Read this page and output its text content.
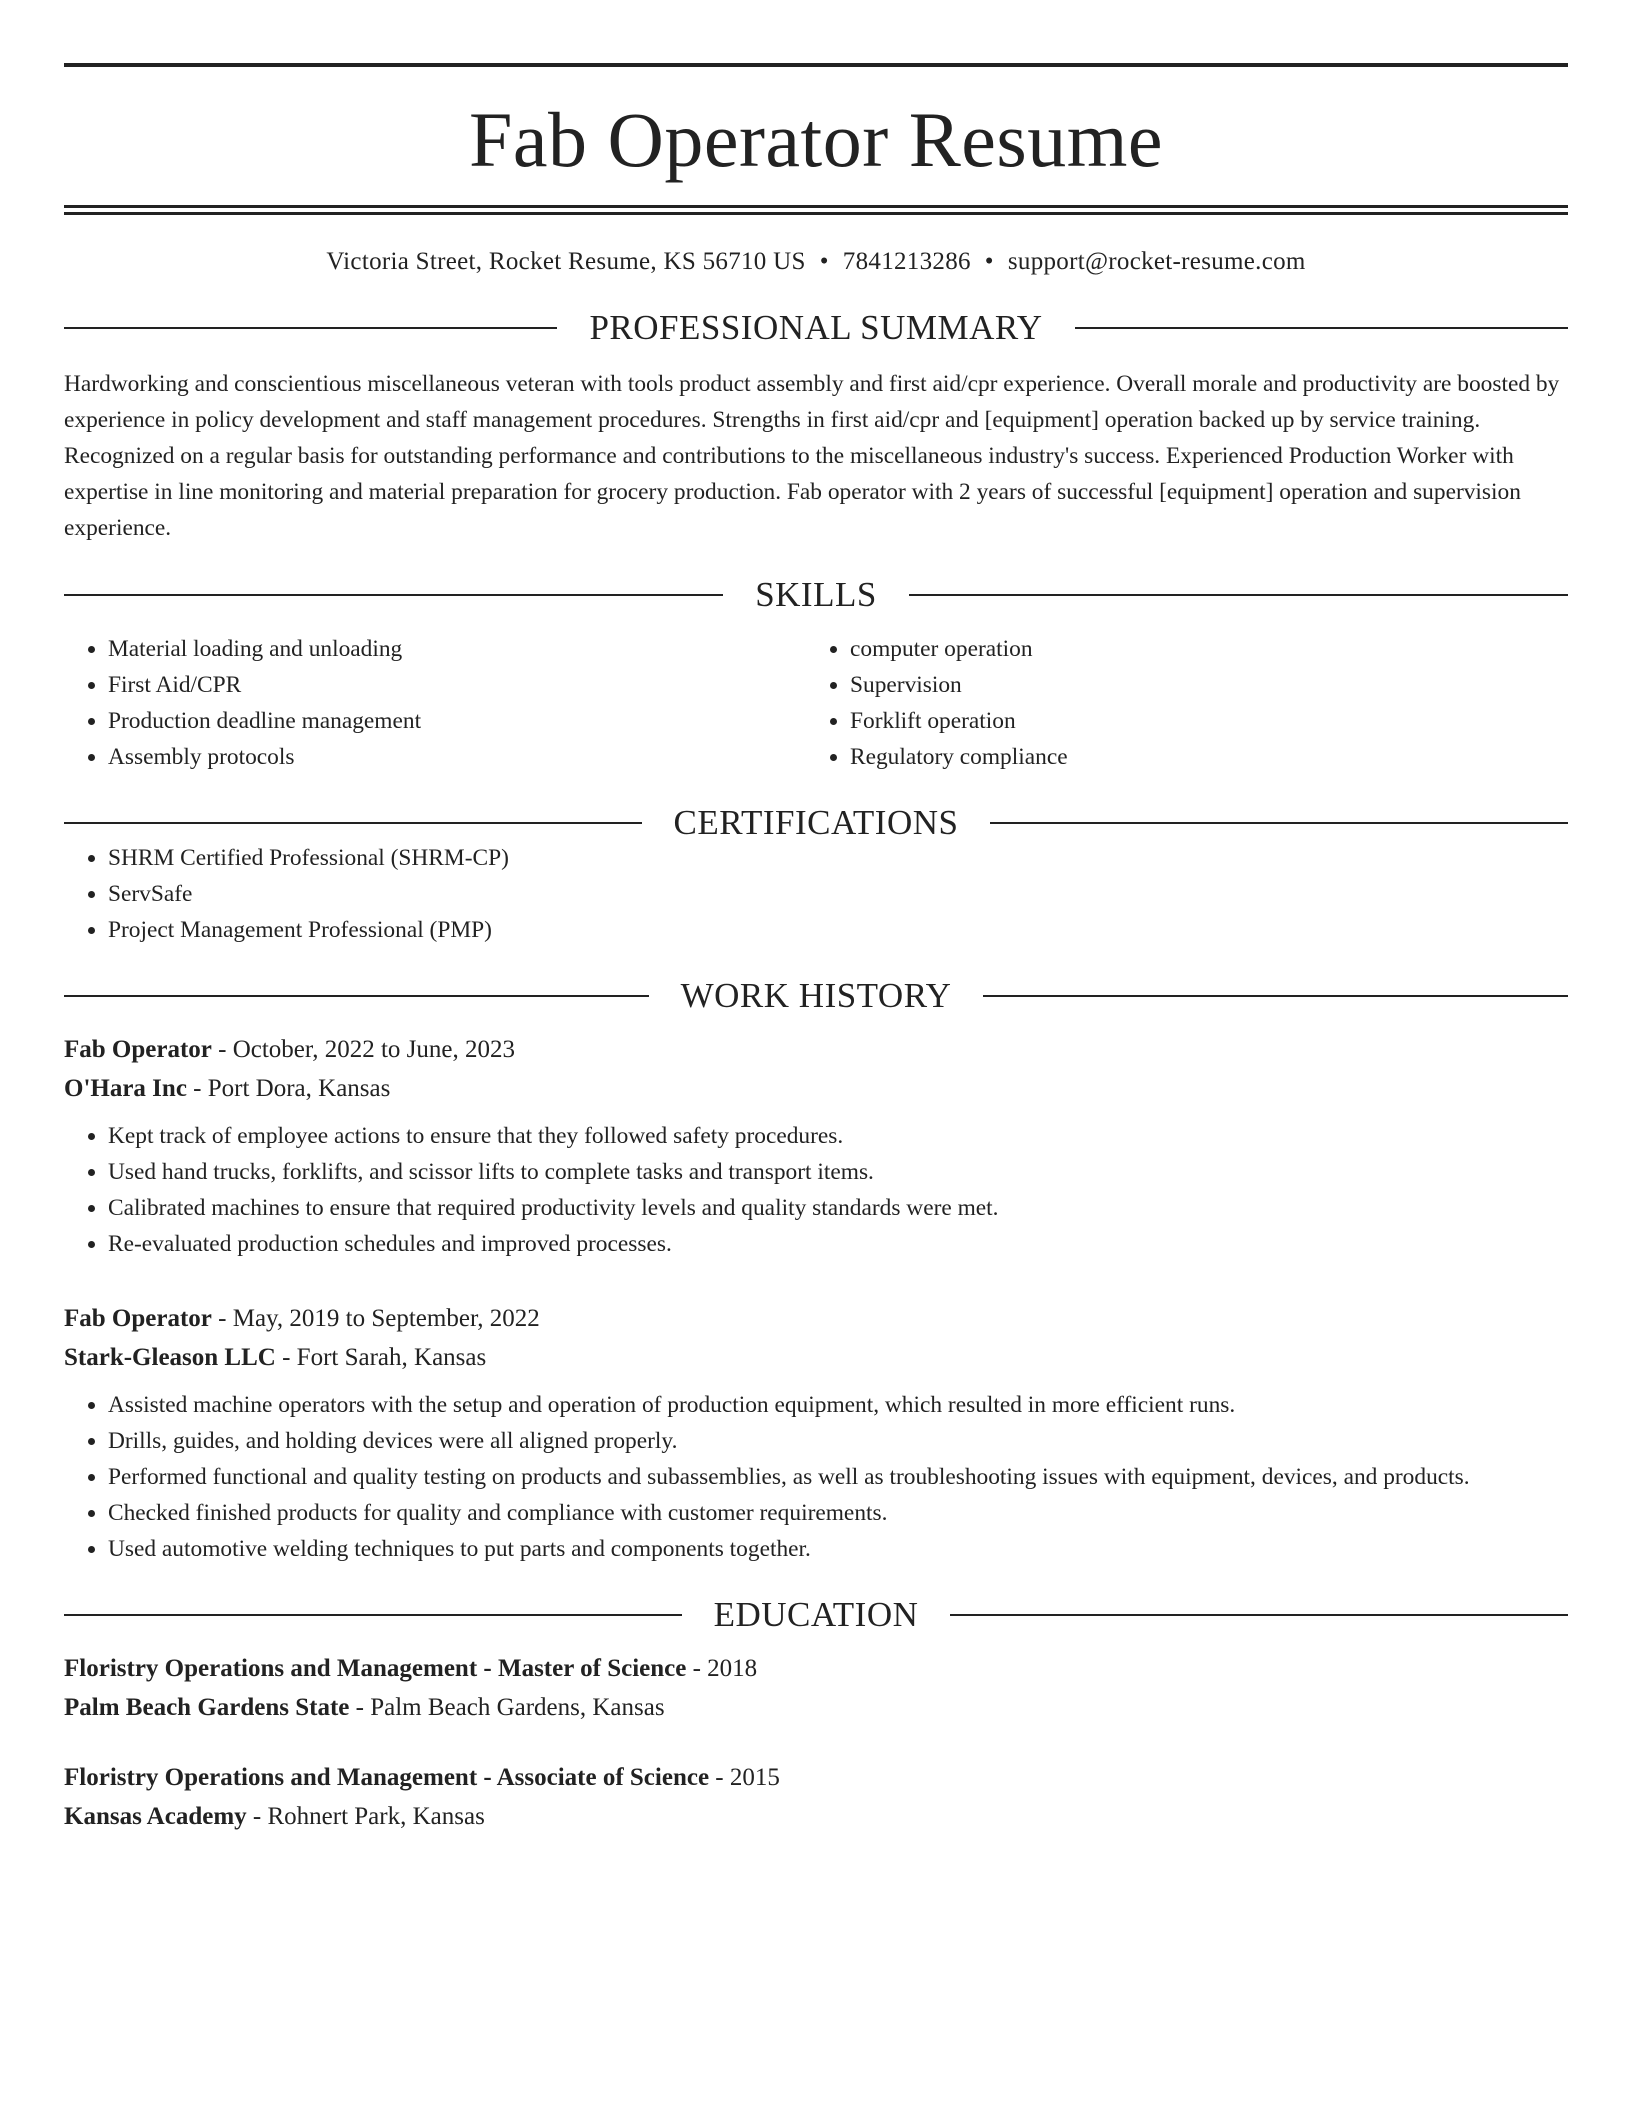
Fab Operator Resume
Victoria Street, Rocket Resume, KS 56710 US • 7841213286 • support@rocket-resume.com
PROFESSIONAL SUMMARY

Hardworking and conscientious miscellaneous veteran with tools product assembly and first aid/cpr experience. Overall morale and productivity are boosted by experience in policy development and staff management procedures. Strengths in first aid/cpr and [equipment] operation backed up by service training. Recognized on a regular basis for outstanding performance and contributions to the miscellaneous industry's success. Experienced Production Worker with expertise in line monitoring and material preparation for grocery production. Fab operator with 2 years of successful [equipment] operation and supervision experience.

SKILLS
• Material loading and unloading
• First Aid/CPR
• Production deadline management
• Assembly protocols
• computer operation
• Supervision
• Forklift operation
• Regulatory compliance
CERTIFICATIONS
• SHRM Certified Professional (SHRM-CP)
• ServSafe
• Project Management Professional (PMP)
WORK HISTORY
Fab Operator - October, 2022 to June, 2023
O'Hara Inc - Port Dora, Kansas
• Kept track of employee actions to ensure that they followed safety procedures.
• Used hand trucks, forklifts, and scissor lifts to complete tasks and transport items.
• Calibrated machines to ensure that required productivity levels and quality standards were met.
• Re-evaluated production schedules and improved processes.
Fab Operator - May, 2019 to September, 2022
Stark-Gleason LLC - Fort Sarah, Kansas
• Assisted machine operators with the setup and operation of production equipment, which resulted in more efficient runs.
• Drills, guides, and holding devices were all aligned properly.
• Performed functional and quality testing on products and subassemblies, as well as troubleshooting issues with equipment, devices, and products.
• Checked finished products for quality and compliance with customer requirements.
• Used automotive welding techniques to put parts and components together.
EDUCATION
Floristry Operations and Management - Master of Science - 2018
Palm Beach Gardens State - Palm Beach Gardens, Kansas
Floristry Operations and Management - Associate of Science - 2015
Kansas Academy - Rohnert Park, Kansas
